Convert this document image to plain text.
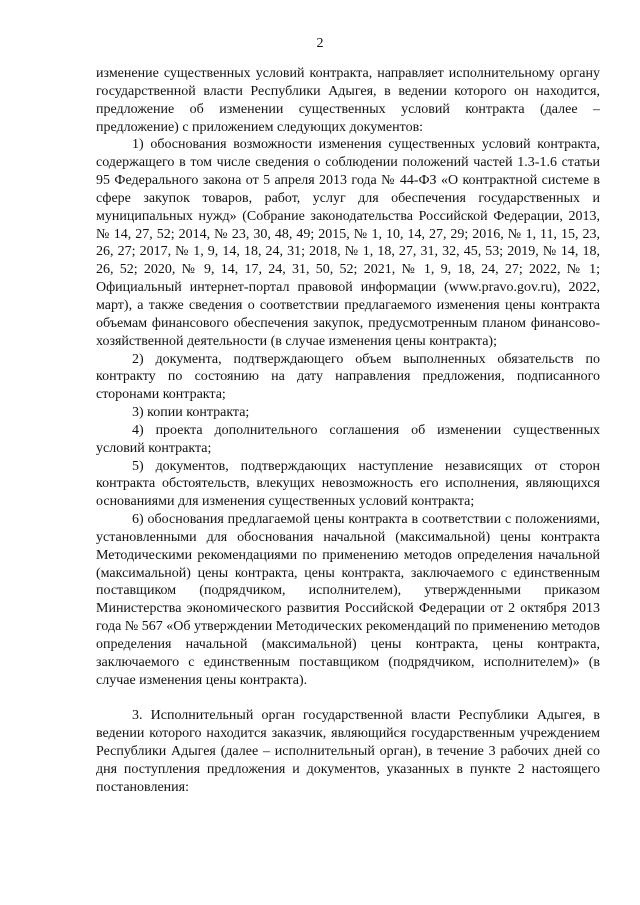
2

изменение существенных условий контракта, направляет исполнительному органу государственной власти Республики Адыгея, в ведении которого он находится, предложение об изменении существенных условий контракта (далее – предложение) с приложением следующих документов:

1) обоснования возможности изменения существенных условий контракта, содержащего в том числе сведения о соблюдении положений частей 1.3-1.6 статьи 95 Федерального закона от 5 апреля 2013 года № 44-ФЗ «О контрактной системе в сфере закупок товаров, работ, услуг для обеспечения государственных и муниципальных нужд» (Собрание законодательства Российской Федерации, 2013, № 14, 27, 52; 2014, № 23, 30, 48, 49; 2015, № 1, 10, 14, 27, 29; 2016, № 1, 11, 15, 23, 26, 27; 2017, № 1, 9, 14, 18, 24, 31; 2018, № 1, 18, 27, 31, 32, 45, 53; 2019, № 14, 18, 26, 52; 2020, № 9, 14, 17, 24, 31, 50, 52; 2021, № 1, 9, 18, 24, 27; 2022, № 1; Официальный интернет-портал правовой информации (www.pravo.gov.ru), 2022, март), а также сведения о соответствии предлагаемого изменения цены контракта объемам финансового обеспечения закупок, предусмотренным планом финансово-хозяйственной деятельности (в случае изменения цены контракта);

2) документа, подтверждающего объем выполненных обязательств по контракту по состоянию на дату направления предложения, подписанного сторонами контракта;

3) копии контракта;

4) проекта дополнительного соглашения об изменении существенных условий контракта;

5) документов, подтверждающих наступление независящих от сторон контракта обстоятельств, влекущих невозможность его исполнения, являющихся основаниями для изменения существенных условий контракта;

6) обоснования предлагаемой цены контракта в соответствии с положениями, установленными для обоснования начальной (максимальной) цены контракта Методическими рекомендациями по применению методов определения начальной (максимальной) цены контракта, цены контракта, заключаемого с единственным поставщиком (подрядчиком, исполнителем), утвержденными приказом Министерства экономического развития Российской Федерации от 2 октября 2013 года № 567 «Об утверждении Методических рекомендаций по применению методов определения начальной (максимальной) цены контракта, цены контракта, заключаемого с единственным поставщиком (подрядчиком, исполнителем)» (в случае изменения цены контракта).

3. Исполнительный орган государственной власти Республики Адыгея, в ведении которого находится заказчик, являющийся государственным учреждением Республики Адыгея (далее – исполнительный орган), в течение 3 рабочих дней со дня поступления предложения и документов, указанных в пункте 2 настоящего постановления:
